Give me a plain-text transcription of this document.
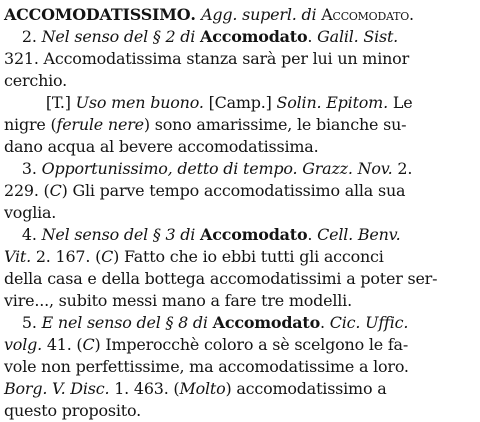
ACCOMODATISSIMO. Agg. superl. di Accomodato.
2. Nel senso del § 2 di Accomodato. Galil. Sist.
321. Accomodatissima stanza sarà per lui un minor
cerchio.
[T.] Uso men buono. [Camp.] Solin. Epitom. Le
nigre (ferule nere) sono amarissime, le bianche su-
dano acqua al bevere accomodatissima.
3. Opportunissimo, detto di tempo. Grazz. Nov. 2.
229. (C) Gli parve tempo accomodatissimo alla sua
voglia.
4. Nel senso del § 3 di Accomodato. Cell. Benv.
Vit. 2. 167. (C) Fatto che io ebbi tutti gli acconci
della casa e della bottega accomodatissimi a poter ser-
vire..., subito messi mano a fare tre modelli.
5. E nel senso del § 8 di Accomodato. Cic. Uffic.
volg. 41. (C) Imperocchè coloro a sè scelgono le fa-
vole non perfettissime, ma accomodatissime a loro.
Borg. V. Disc. 1. 463. (Molto) accomodatissimo a
questo proposito.
